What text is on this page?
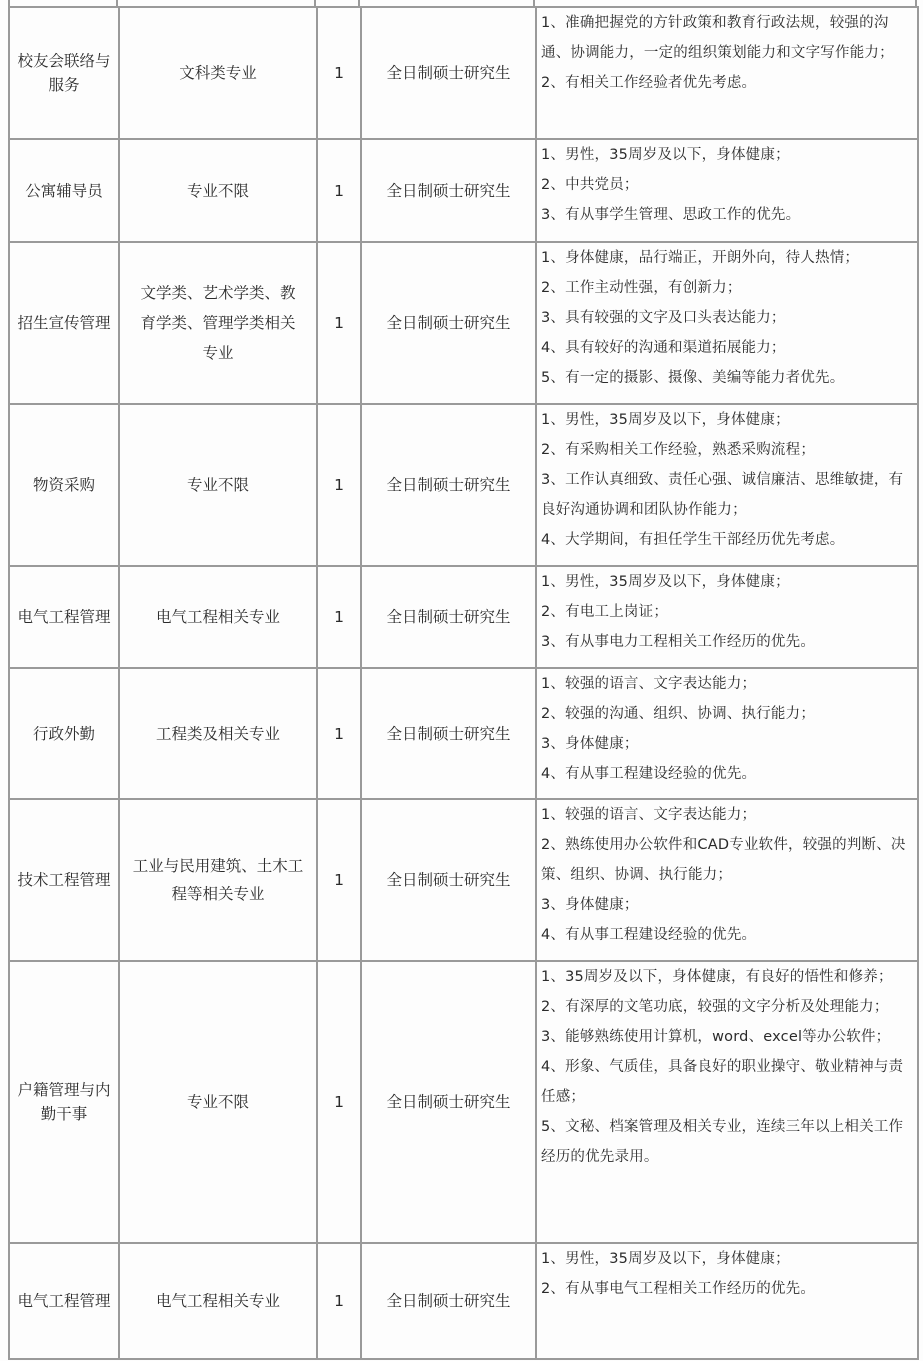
校友会联络与服务	文科类专业	1	全日制硕士研究生	1、准确把握党的方针政策和教育行政法规，较强的沟通、协调能力，一定的组织策划能力和文字写作能力；
2、有相关工作经验者优先考虑。

公寓辅导员	专业不限	1	全日制硕士研究生	1、男性，35周岁及以下，身体健康；
2、中共党员；
3、有从事学生管理、思政工作的优先。

招生宣传管理	文学类、艺术学类、教育学类、管理学类相关专业	1	全日制硕士研究生	1、身体健康，品行端正，开朗外向，待人热情；
2、工作主动性强，有创新力；
3、具有较强的文字及口头表达能力；
4、具有较好的沟通和渠道拓展能力；
5、有一定的摄影、摄像、美编等能力者优先。

物资采购	专业不限	1	全日制硕士研究生	1、男性，35周岁及以下，身体健康；
2、有采购相关工作经验，熟悉采购流程；
3、工作认真细致、责任心强、诚信廉洁、思维敏捷，有良好沟通协调和团队协作能力；
4、大学期间，有担任学生干部经历优先考虑。

电气工程管理	电气工程相关专业	1	全日制硕士研究生	1、男性，35周岁及以下，身体健康；
2、有电工上岗证；
3、有从事电力工程相关工作经历的优先。

行政外勤	工程类及相关专业	1	全日制硕士研究生	1、较强的语言、文字表达能力；
2、较强的沟通、组织、协调、执行能力；
3、身体健康；
4、有从事工程建设经验的优先。

技术工程管理	工业与民用建筑、土木工程等相关专业	1	全日制硕士研究生	1、较强的语言、文字表达能力；
2、熟练使用办公软件和CAD专业软件，较强的判断、决策、组织、协调、执行能力；
3、身体健康；
4、有从事工程建设经验的优先。

户籍管理与内勤干事	专业不限	1	全日制硕士研究生	1、35周岁及以下，身体健康，有良好的悟性和修养；
2、有深厚的文笔功底，较强的文字分析及处理能力；
3、能够熟练使用计算机，word、excel等办公软件；
4、形象、气质佳，具备良好的职业操守、敬业精神与责任感；
5、文秘、档案管理及相关专业，连续三年以上相关工作经历的优先录用。

电气工程管理	电气工程相关专业	1	全日制硕士研究生	1、男性，35周岁及以下，身体健康；
2、有从事电气工程相关工作经历的优先。
